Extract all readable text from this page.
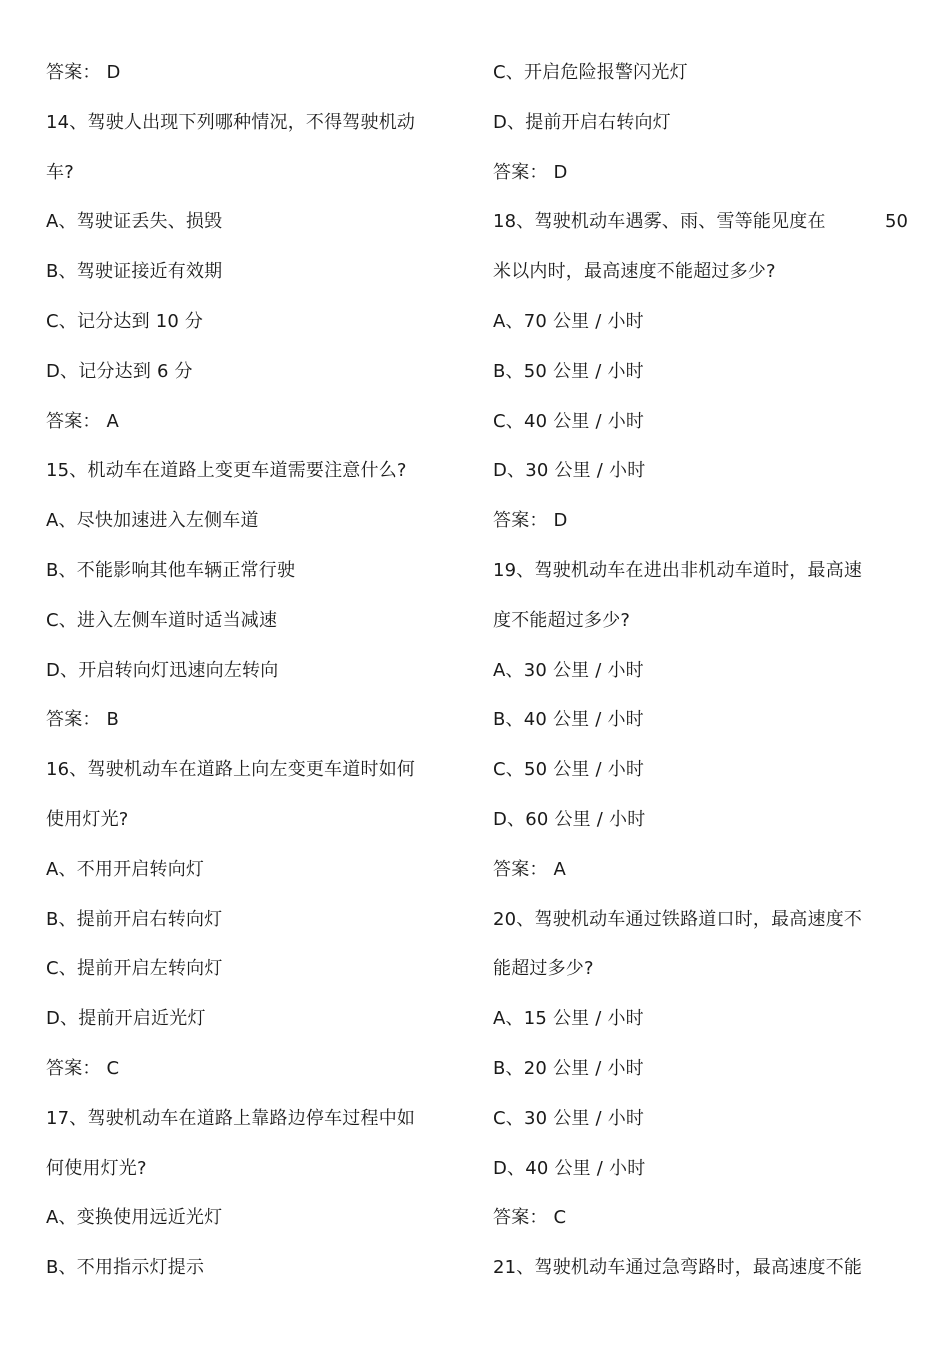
答案： D
14、驾驶人出现下列哪种情况，不得驾驶机动
车?
A、驾驶证丢失、损毁
B、驾驶证接近有效期
C、记分达到 10 分
D、记分达到 6 分
答案： A
15、机动车在道路上变更车道需要注意什么?
A、尽快加速进入左侧车道
B、不能影响其他车辆正常行驶
C、进入左侧车道时适当减速
D、开启转向灯迅速向左转向
答案： B
16、驾驶机动车在道路上向左变更车道时如何
使用灯光?
A、不用开启转向灯
B、提前开启右转向灯
C、提前开启左转向灯
D、提前开启近光灯
答案： C
17、驾驶机动车在道路上靠路边停车过程中如
何使用灯光?
A、变换使用远近光灯
B、不用指示灯提示
C、开启危险报警闪光灯
D、提前开启右转向灯
答案： D
18、驾驶机动车遇雾、雨、雪等能见度在
米以内时，最高速度不能超过多少?
A、70 公里 / 小时
B、50 公里 / 小时
C、40 公里 / 小时
D、30 公里 / 小时
答案： D
19、驾驶机动车在进出非机动车道时，最高速
度不能超过多少?
A、30 公里 / 小时
B、40 公里 / 小时
C、50 公里 / 小时
D、60 公里 / 小时
答案： A
20、驾驶机动车通过铁路道口时，最高速度不
能超过多少?
A、15 公里 / 小时
B、20 公里 / 小时
C、30 公里 / 小时
D、40 公里 / 小时
答案： C
21、驾驶机动车通过急弯路时，最高速度不能
50
